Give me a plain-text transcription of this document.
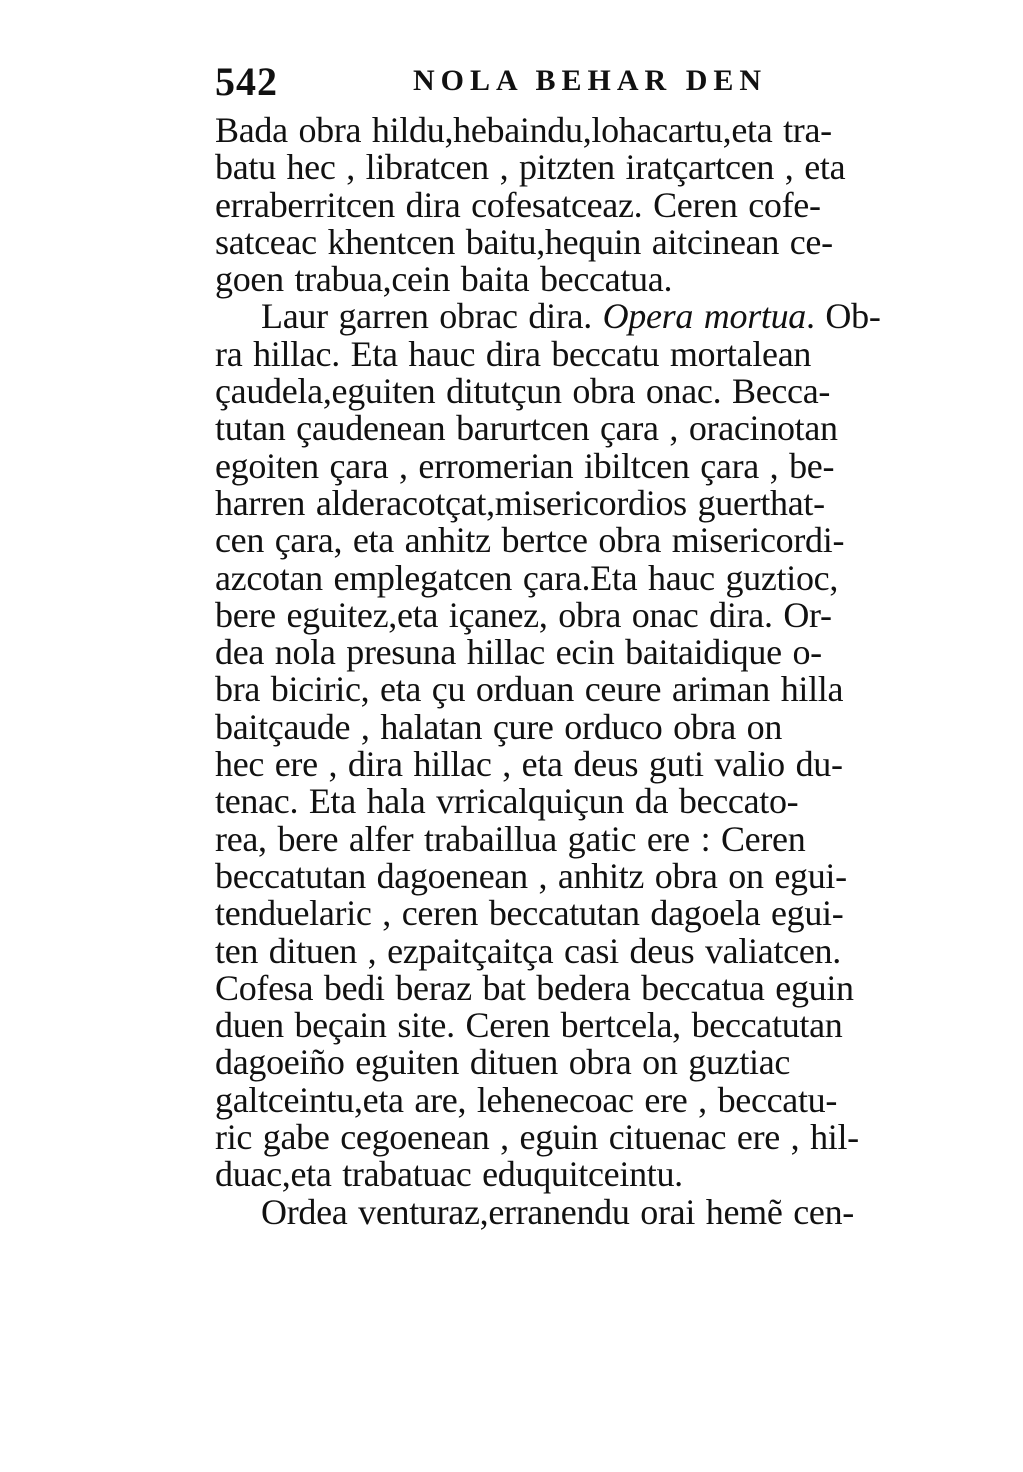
542	NOLA BEHAR DEN
Bada obra hildu,hebaindu,lohacartu,eta tra-
batu hec , libratcen , pitzten iratçartcen , eta
erraberritcen dira cofesatceaz. Ceren cofe-
satceac khentcen baitu,hequin aitcinean ce-
goen trabua,cein baita beccatua.
Laur garren obrac dira. Opera mortua. Ob-
ra hillac. Eta hauc dira beccatu mortalean
çaudela,eguiten ditutçun obra onac. Becca-
tutan çaudenean barurtcen çara , oracinotan
egoiten çara , erromerian ibiltcen çara , be-
harren alderacotçat,misericordios guerthat-
cen çara, eta anhitz bertce obra misericordi-
azcotan emplegatcen çara.Eta hauc guztioc,
bere eguitez,eta içanez, obra onac dira. Or-
dea nola presuna hillac ecin baitaidique o-
bra biciric, eta çu orduan ceure ariman hilla
baitçaude , halatan çure orduco obra on
hec ere , dira hillac , eta deus guti valio du-
tenac. Eta hala vrricalquiçun da beccato-
rea, bere alfer trabaillua gatic ere : Ceren
beccatutan dagoenean , anhitz obra on egui-
tenduelaric , ceren beccatutan dagoela egui-
ten dituen , ezpaitçaitça casi deus valiatcen.
Cofesa bedi beraz bat bedera beccatua eguin
duen beçain site. Ceren bertcela, beccatutan
dagoeiño eguiten dituen obra on guztiac
galtceintu,eta are, lehenecoac ere , beccatu-
ric gabe cegoenean , eguin cituenac ere , hil-
duac,eta trabatuac eduquitceintu.
Ordea venturaz,erranendu orai hemẽ cen-
